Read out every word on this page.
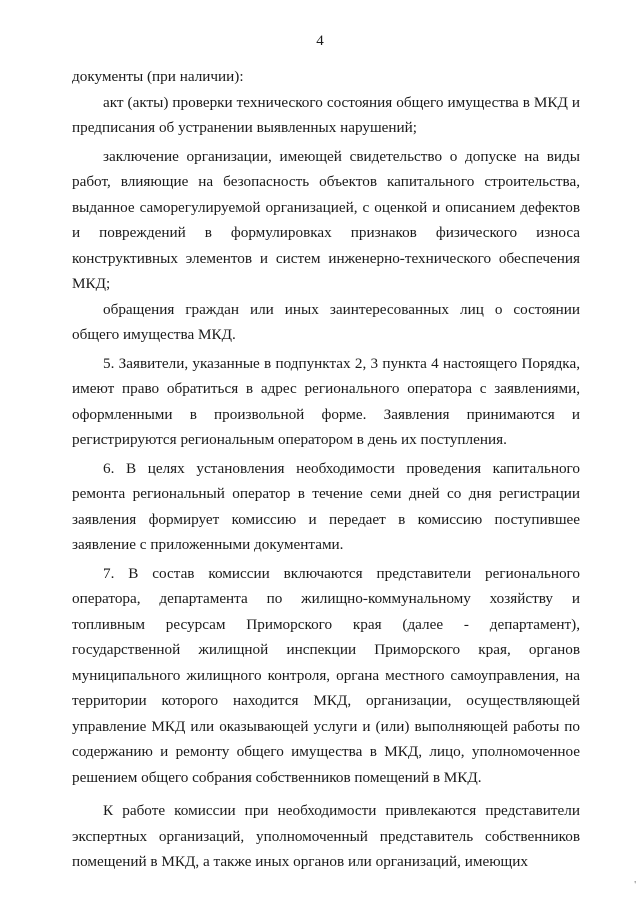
4

документы (при наличии):

акт (акты) проверки технического состояния общего имущества в МКД и предписания об устранении выявленных нарушений;

заключение организации, имеющей свидетельство о допуске на виды работ, влияющие на безопасность объектов капитального строительства, выданное саморегулируемой организацией, с оценкой и описанием дефектов и повреждений в формулировках признаков физического износа конструктивных элементов и систем инженерно-технического обеспечения МКД;

обращения граждан или иных заинтересованных лиц о состоянии общего имущества МКД.

5. Заявители, указанные в подпунктах 2, 3 пункта 4 настоящего Порядка, имеют право обратиться в адрес регионального оператора с заявлениями, оформленными в произвольной форме. Заявления принимаются и регистрируются региональным оператором в день их поступления.

6. В целях установления необходимости проведения капитального ремонта региональный оператор в течение семи дней со дня регистрации заявления формирует комиссию и передает в комиссию поступившее заявление с приложенными документами.

7. В состав комиссии включаются представители регионального оператора, департамента по жилищно-коммунальному хозяйству и топливным ресурсам Приморского края (далее - департамент), государственной жилищной инспекции Приморского края, органов муниципального жилищного контроля, органа местного самоуправления, на территории которого находится МКД, организации, осуществляющей управление МКД или оказывающей услуги и (или) выполняющей работы по содержанию и ремонту общего имущества в МКД, лицо, уполномоченное решением общего собрания собственников помещений в МКД.

К работе комиссии при необходимости привлекаются представители экспертных организаций, уполномоченный представитель собственников помещений в МКД, а также иных органов или организаций, имеющих

'
